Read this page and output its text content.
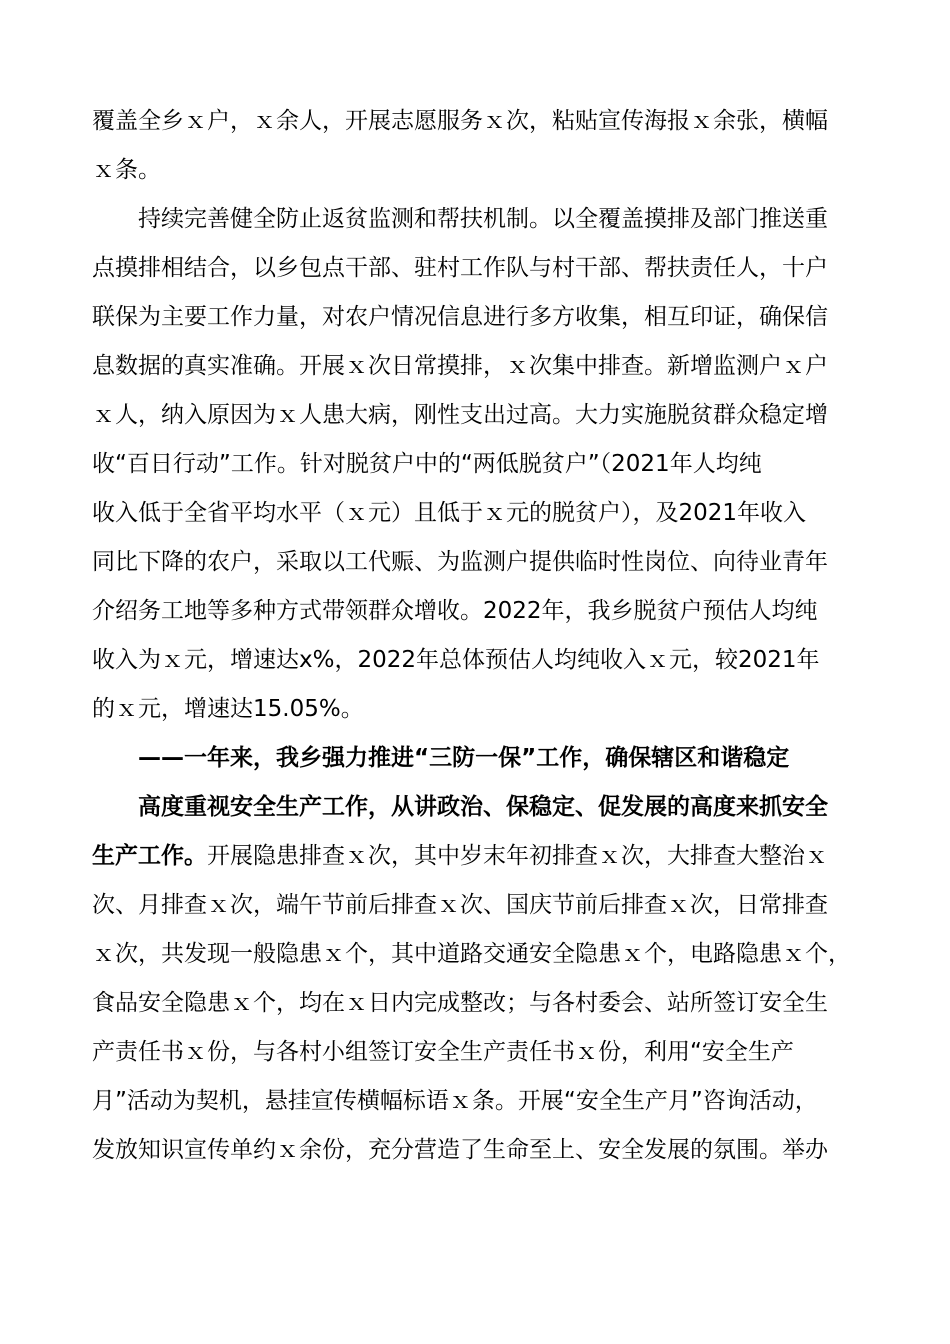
覆盖全乡ｘ户，ｘ余人，开展志愿服务ｘ次，粘贴宣传海报ｘ余张，横幅
ｘ条。
持续完善健全防止返贫监测和帮扶机制。以全覆盖摸排及部门推送重
点摸排相结合，以乡包点干部、驻村工作队与村干部、帮扶责任人，十户
联保为主要工作力量，对农户情况信息进行多方收集，相互印证，确保信
息数据的真实准确。开展ｘ次日常摸排，ｘ次集中排查。新增监测户ｘ户
ｘ人，纳入原因为ｘ人患大病，刚性支出过高。大力实施脱贫群众稳定增
收“百日行动”工作。针对脱贫户中的“两低脱贫户”（2021年人均纯
收入低于全省平均水平（ｘ元）且低于ｘ元的脱贫户），及2021年收入
同比下降的农户，采取以工代赈、为监测户提供临时性岗位、向待业青年
介绍务工地等多种方式带领群众增收。2022年，我乡脱贫户预估人均纯
收入为ｘ元，增速达x%，2022年总体预估人均纯收入ｘ元，较2021年
的ｘ元，增速达15.05%。
——一年来，我乡强力推进“三防一保”工作，确保辖区和谐稳定
高度重视安全生产工作，从讲政治、保稳定、促发展的高度来抓安全
生产工作。 开展隐患排查ｘ次，其中岁末年初排查ｘ次，大排查大整治ｘ
次、月排查ｘ次，端午节前后排查ｘ次、国庆节前后排查ｘ次，日常排查
ｘ次，共发现一般隐患ｘ个，其中道路交通安全隐患ｘ个，电路隐患ｘ个，
食品安全隐患ｘ个，均在ｘ日内完成整改；与各村委会、站所签订安全生
产责任书ｘ份，与各村小组签订安全生产责任书ｘ份，利用“安全生产
月”活动为契机，悬挂宣传横幅标语ｘ条。开展“安全生产月”咨询活动，
发放知识宣传单约ｘ余份，充分营造了生命至上、安全发展的氛围。举办
